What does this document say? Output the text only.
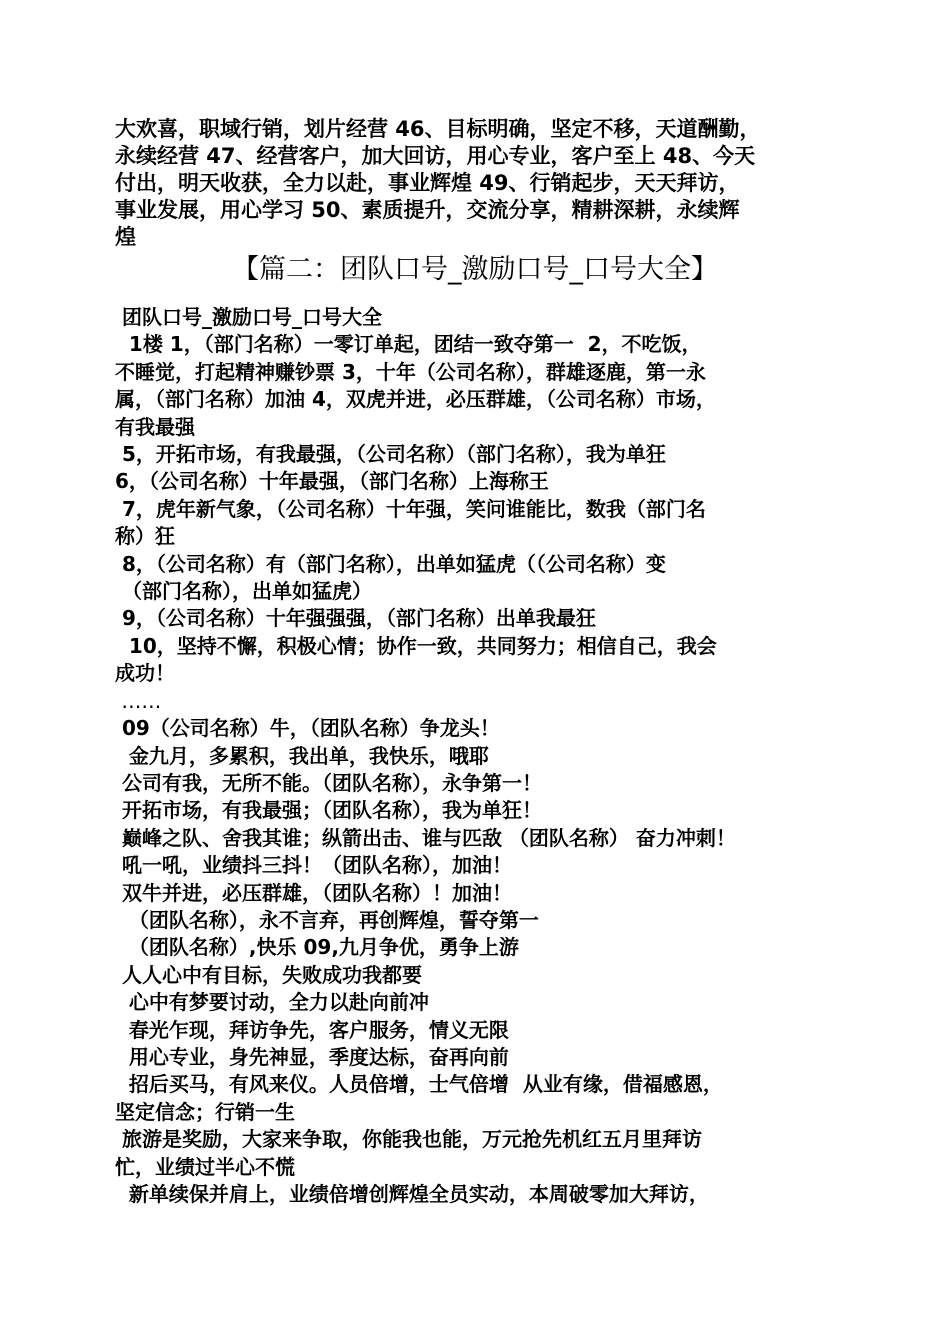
大欢喜，职域行销，划片经营 46、目标明确，坚定不移，天道酬勤，

永续经营 47、经营客户，加大回访，用心专业，客户至上 48、今天

付出，明天收获，全力以赴，事业辉煌 49、行销起步，天天拜访，

事业发展，用心学习 50、素质提升，交流分享，精耕深耕，永续辉

煌

【篇二：团队口号_激励口号_口号大全】

团队口号_激励口号_口号大全

1楼 1，（部门名称）一零订单起，团结一致夺第一  2，不吃饭，

不睡觉，打起精神赚钞票 3，十年（公司名称），群雄逐鹿，第一永

属，（部门名称）加油 4，双虎并进，必压群雄，（公司名称）市场，

有我最强

5，开拓市场，有我最强，（公司名称）（部门名称），我为单狂

6，（公司名称）十年最强，（部门名称）上海称王

7，虎年新气象，（公司名称）十年强，笑问谁能比，数我（部门名

称）狂

8，（公司名称）有（部门名称），出单如猛虎（（公司名称）变

（部门名称），出单如猛虎）

9，（公司名称）十年强强强，（部门名称）出单我最狂

10，坚持不懈，积极心情；协作一致，共同努力；相信自己，我会

成功！

……

09（公司名称）牛，（团队名称）争龙头！

金九月，多累积，我出单，我快乐，哦耶

公司有我，无所不能。（团队名称），永争第一！

开拓市场，有我最强；（团队名称），我为单狂！

巅峰之队、舍我其谁；纵箭出击、谁与匹敌 （团队名称） 奋力冲刺！

吼一吼，业绩抖三抖！（团队名称），加油！

双牛并进，必压群雄，（团队名称）！加油！

（团队名称），永不言弃，再创辉煌，誓夺第一

（团队名称）,快乐 09,九月争优，勇争上游

人人心中有目标，失败成功我都要

心中有梦要讨动，全力以赴向前冲

春光乍现，拜访争先，客户服务，情义无限

用心专业，身先神显，季度达标，奋再向前

招后买马，有风来仪。人员倍增，士气倍增  从业有缘，借福感恩，

坚定信念；行销一生

旅游是奖励，大家来争取，你能我也能，万元抢先机红五月里拜访

忙，业绩过半心不慌

新单续保并肩上，业绩倍增创辉煌全员实动，本周破零加大拜访，
